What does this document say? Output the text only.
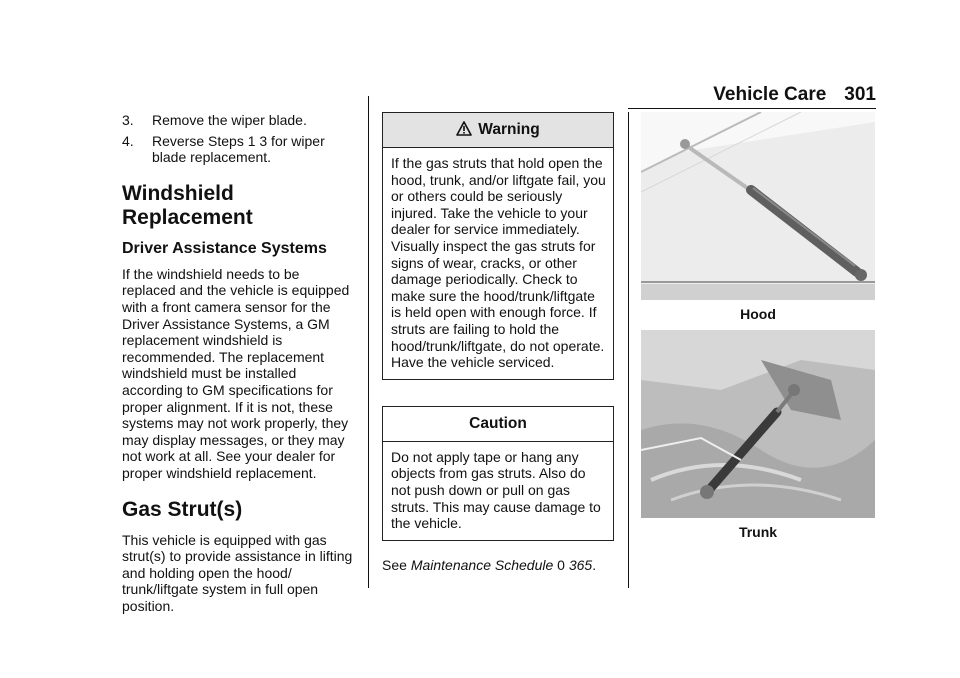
Vehicle Care 301
3.	Remove the wiper blade.
4.	Reverse Steps 1 3 for wiper blade replacement.
Windshield Replacement
Driver Assistance Systems

If the windshield needs to be replaced and the vehicle is equipped with a front camera sensor for the Driver Assistance Systems, a GM replacement windshield is recommended. The replacement windshield must be installed according to GM specifications for proper alignment. If it is not, these systems may not work properly, they may display messages, or they may not work at all. See your dealer for proper windshield replacement.

Gas Strut(s)

This vehicle is equipped with gas strut(s) to provide assistance in lifting and holding open the hood/ trunk/liftgate system in full open position.

Warning
If the gas struts that hold open the hood, trunk, and/or liftgate fail, you or others could be seriously injured. Take the vehicle to your dealer for service immediately. Visually inspect the gas struts for signs of wear, cracks, or other damage periodically. Check to make sure the hood/trunk/liftgate is held open with enough force. If struts are failing to hold the hood/trunk/liftgate, do not operate. Have the vehicle serviced.
Caution
Do not apply tape or hang any objects from gas struts. Also do not push down or pull on gas struts. This may cause damage to the vehicle.

See Maintenance Schedule 0 365.

Hood
Trunk
